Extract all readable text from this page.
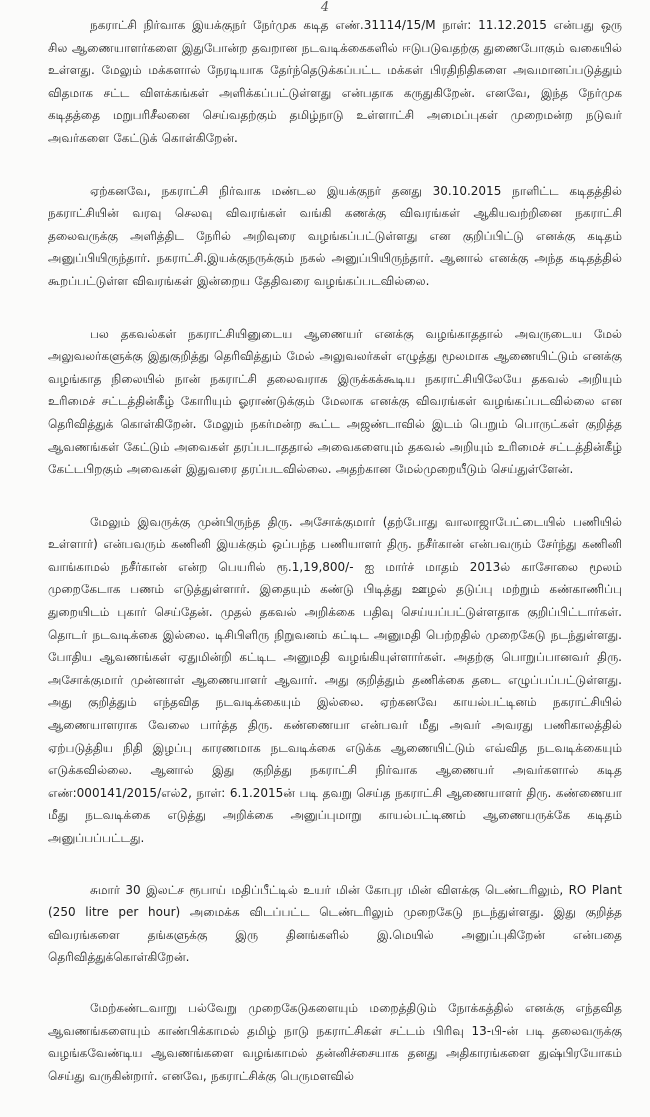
4

நகராட்சி நிர்வாக இயக்குநர் நேர்முக கடித எண்.31114/15/M நாள்: 11.12.2015 என்பது ஒரு சில ஆணையாளர்களை இதுபோன்ற தவறான நடவடிக்கைகளில் ஈடுபடுவதற்கு துணைபோகும் வகையில் உள்ளது. மேலும் மக்களால் நேரடியாக தேர்ந்தெடுக்கப்பட்ட மக்கள் பிரதிநிதிகளை அவமானப்படுத்தும் விதமாக சட்ட விளக்கங்கள் அளிக்கப்பட்டுள்ளது என்பதாக கருதுகிறேன். எனவே, இந்த நேர்முக கடிதத்தை மறுபரிசீலனை செய்வதற்கும் தமிழ்நாடு உள்ளாட்சி அமைப்புகள் முறைமன்ற நடுவர் அவர்களை கேட்டுக் கொள்கிறேன்.

ஏற்கனவே, நகராட்சி நிர்வாக மண்டல இயக்குநர் தனது 30.10.2015 நாளிட்ட கடிதத்தில் நகராட்சியின் வரவு செலவு விவரங்கள் வங்கி கணக்கு விவரங்கள் ஆகியவற்றினை நகராட்சி தலைவருக்கு அளித்திட நேரில் அறிவுரை வழங்கப்பட்டுள்ளது என குறிப்பிட்டு எனக்கு கடிதம் அனுப்பியிருந்தார். நகராட்சி.இயக்குநருக்கும் நகல் அனுப்பியிருந்தார். ஆனால் எனக்கு அந்த கடிதத்தில் கூறப்பட்டுள்ள விவரங்கள் இன்றைய தேதிவரை வழங்கப்படவில்லை.

பல தகவல்கள் நகராட்சியினுடைய ஆணையர் எனக்கு வழங்காததால் அவருடைய மேல் அலுவலர்களுக்கு இதுகுறித்து தெரிவித்தும் மேல் அலுவலர்கள் எழுத்து மூலமாக ஆணையிட்டும் எனக்கு வழங்காத நிலையில் நான் நகராட்சி தலைவராக இருக்கக்கூடிய நகராட்சியிலேயே தகவல் அறியும் உரிமைச் சட்டத்தின்கீழ் கோரியும் ஓராண்டுக்கும் மேலாக எனக்கு விவரங்கள் வழங்கப்படவில்லை என தெரிவித்துக் கொள்கிறேன். மேலும் நகர்மன்ற கூட்ட அஜண்டாவில் இடம் பெறும் பொருட்கள் குறித்த ஆவணங்கள் கேட்டும் அவைகள் தரப்படாததால் அவைகளையும் தகவல் அறியும் உரிமைச் சட்டத்தின்கீழ் கேட்டபிறகும் அவைகள் இதுவரை தரப்படவில்லை. அதற்கான மேல்முறையீடும் செய்துள்ளேன்.

மேலும் இவருக்கு முன்பிருந்த திரு. அசோக்குமார் (தற்போது வாலாஜாபேட்டையில் பணியில் உள்ளார்) என்பவரும் கணினி இயக்கும் ஒப்பந்த பணியாளர் திரு. நசீர்கான் என்பவரும் சேர்ந்து கணினி வாங்காமல் நசீர்கான் என்ற பெயரில் ரூ.1,19,800/- ஐ மார்ச் மாதம் 2013ல் காசோலை மூலம் முறைகேடாக பணம் எடுத்துள்ளார். இதையும் கண்டு பிடித்து ஊழல் தடுப்பு மற்றும் கண்காணிப்பு துறையிடம் புகார் செய்தேன். முதல் தகவல் அறிக்கை பதிவு செய்யப்பட்டுள்ளதாக குறிப்பிட்டார்கள். தொடர் நடவடிக்கை இல்லை. டிசிபிளிரு நிறுவனம் கட்டிட அனுமதி பெற்றதில் முறைகேடு நடந்துள்ளது. போதிய ஆவணங்கள் ஏதுமின்றி கட்டிட அனுமதி வழங்கியுள்ளார்கள். அதற்கு பொறுப்பானவர் திரு. அசோக்குமார் முன்னாள் ஆணையாளர் ஆவார். அது குறித்தும் தணிக்கை தடை எழுப்பப்பட்டுள்ளது. அது குறித்தும் எந்தவித நடவடிக்கையும் இல்லை. ஏற்கனவே காயல்பட்டினம் நகராட்சியில் ஆணையாளராக வேலை பார்த்த திரு. கண்ணையா என்பவர் மீது அவர் அவரது பணிகாலத்தில் ஏற்படுத்திய நிதி இழப்பு காரணமாக நடவடிக்கை எடுக்க ஆணையிட்டும் எவ்வித நடவடிக்கையும் எடுக்கவில்லை. ஆனால் இது குறித்து நகராட்சி நிர்வாக ஆணையர் அவர்களால் கடித எண்:000141/2015/எல்2, நாள்: 6.1.2015ன் படி தவறு செய்த நகராட்சி ஆணையாளர் திரு. கண்ணையா மீது நடவடிக்கை எடுத்து அறிக்கை அனுப்புமாறு காயல்பட்டிணம் ஆணையருக்கே கடிதம் அனுப்பப்பட்டது.

சுமார் 30 இலட்ச ரூபாய் மதிப்பீட்டில் உயர் மின் கோபுர மின் விளக்கு டெண்டரிலும், RO Plant (250 litre per hour) அமைக்க விடப்பட்ட டெண்டரிலும் முறைகேடு நடந்துள்ளது. இது குறித்த விவரங்களை தங்களுக்கு இரு தினங்களில் இ.மெயில் அனுப்புகிறேன் என்பதை தெரிவித்துக்கொள்கிறேன்.

மேற்கண்டவாறு பல்வேறு முறைகேடுகளையும் மறைத்திடும் நோக்கத்தில் எனக்கு எந்தவித ஆவணங்களையும் காண்பிக்காமல் தமிழ் நாடு நகராட்சிகள் சட்டம் பிரிவு 13-பி-ன் படி தலைவருக்கு வழங்கவேண்டிய ஆவணங்களை வழங்காமல் தன்னிச்சையாக தனது அதிகாரங்களை துஷ்பிரயோகம் செய்து வருகின்றார். எனவே, நகராட்சிக்கு பெருமளவில்
